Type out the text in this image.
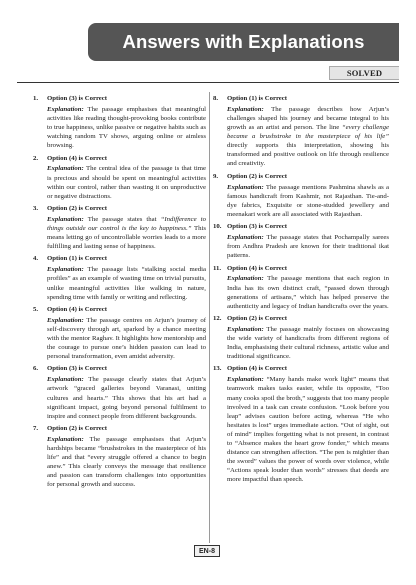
Answers with Explanations
SOLVED
1.	Option (3) is Correct
Explanation: The passage emphasises that meaningful activities like reading thought-provoking books contribute to true happiness, unlike passive or negative habits such as watching random TV shows, arguing online or aimless browsing.
2.	Option (4) is Correct
Explanation: The central idea of the passage is that time is precious and should be spent on meaningful activities within our control, rather than wasting it on unproductive or negative distractions.
3.	Option (2) is Correct
Explanation: The passage states that “Indifference to things outside our control is the key to happiness.” This means letting go of uncontrollable worries leads to a more fulfilling and lasting sense of happiness.
4.	Option (1) is Correct
Explanation: The passage lists “stalking social media profiles” as an example of wasting time on trivial pursuits, unlike meaningful activities like walking in nature, spending time with family or writing and reflecting.
5.	Option (4) is Correct
Explanation: The passage centres on Arjun’s journey of self-discovery through art, sparked by a chance meeting with the mentor Raghav. It highlights how mentorship and the courage to pursue one’s hidden passion can lead to personal transformation, even amidst adversity.
6.	Option (3) is Correct
Explanation: The passage clearly states that Arjun’s artwork “graced galleries beyond Varanasi, uniting cultures and hearts.” This shows that his art had a significant impact, going beyond personal fulfilment to inspire and connect people from different backgrounds.
7.	Option (2) is Correct
Explanation: The passage emphasises that Arjun’s hardships became “brushstrokes in the masterpiece of his life” and that “every struggle offered a chance to begin anew.” This clearly conveys the message that resilience and passion can transform challenges into opportunities for personal growth and success.
8.	Option (1) is Correct
Explanation: The passage describes how Arjun’s challenges shaped his journey and became integral to his growth as an artist and person. The line “every challenge became a brushstroke in the masterpiece of his life” directly supports this interpretation, showing his transformed and positive outlook on life through resilience and creativity.
9.	Option (2) is Correct
Explanation: The passage mentions Pashmina shawls as a famous handicraft from Kashmir, not Rajasthan. Tie-and-dye fabrics, Exquisite or stone-studded jewellery and meenakari work are all associated with Rajasthan.
10. Option (3) is Correct
Explanation: The passage states that Pochampally sarees from Andhra Pradesh are known for their traditional ikat patterns.
11. Option (4) is Correct
Explanation: The passage mentions that each region in India has its own distinct craft, “passed down through generations of artisans,” which has helped preserve the authenticity and legacy of Indian handicrafts over the years.
12. Option (2) is Correct
Explanation: The passage mainly focuses on showcasing the wide variety of handicrafts from different regions of India, emphasising their cultural richness, artistic value and traditional significance.
13. Option (4) is Correct
Explanation: “Many hands make work light” means that teamwork makes tasks easier, while its opposite, “Too many cooks spoil the broth,” suggests that too many people involved in a task can create confusion. “Look before you leap” advises caution before acting, whereas “He who hesitates is lost” urges immediate action. “Out of sight, out of mind” implies forgetting what is not present, in contrast to “Absence makes the heart grow fonder,” which means distance can strengthen affection. “The pen is mightier than the sword” values the power of words over violence, while “Actions speak louder than words” stresses that deeds are more impactful than speech.
EN-8
